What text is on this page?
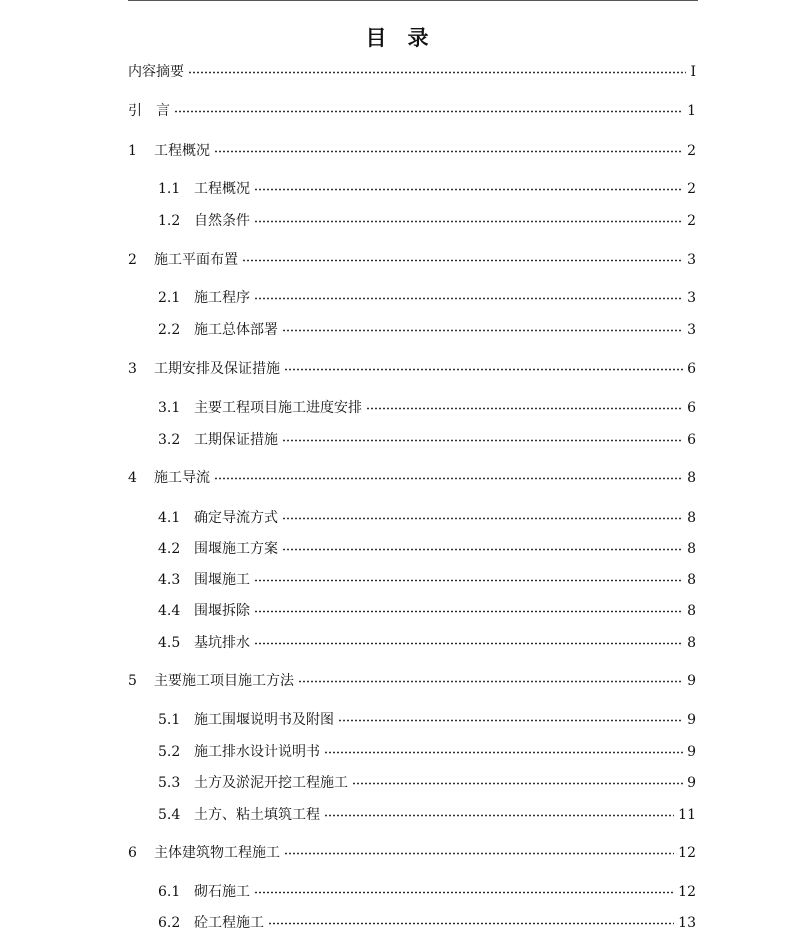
目　录
内容摘要	I
引　言	1
1	工程概况	2
1.1 工程概况	2
1.2 自然条件	2
2	施工平面布置	3
2.1 施工程序	3
2.2 施工总体部署	3
3	工期安排及保证措施	6
3.1 主要工程项目施工进度安排	6
3.2 工期保证措施	6
4	施工导流	8
4.1 确定导流方式	8
4.2 围堰施工方案	8
4.3 围堰施工	8
4.4 围堰拆除	8
4.5 基坑排水	8
5	主要施工项目施工方法	9
5.1 施工围堰说明书及附图	9
5.2 施工排水设计说明书	9
5.3 土方及淤泥开挖工程施工	9
5.4 土方、粘土填筑工程	11
6	主体建筑物工程施工	12
6.1 砌石施工	12
6.2 砼工程施工	13
